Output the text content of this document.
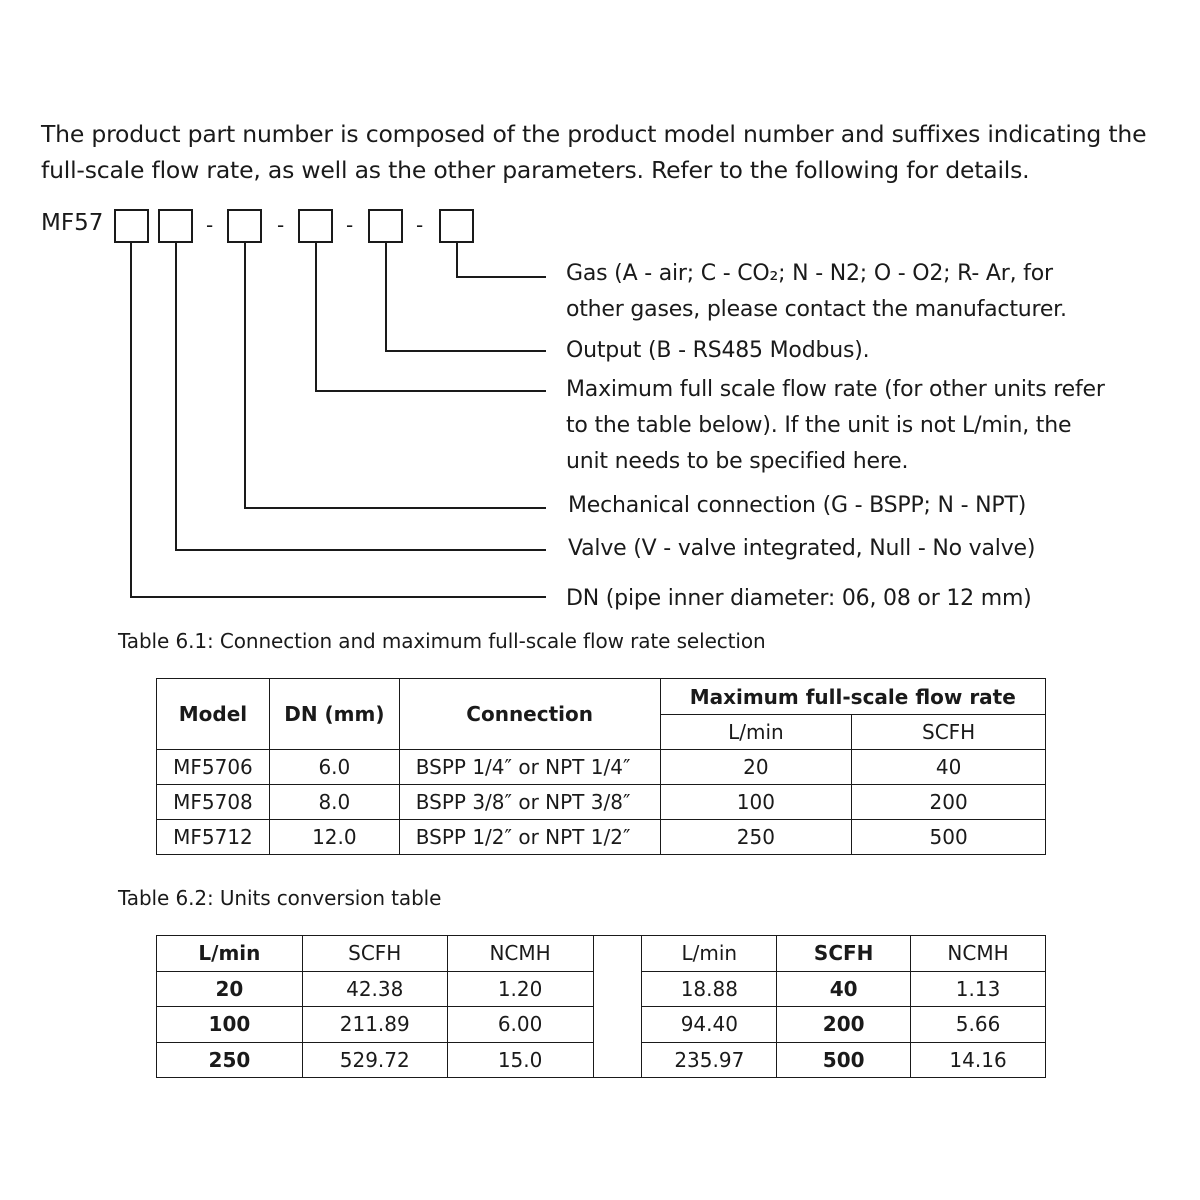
The product part number is composed of the product model number and suffixes indicating the full-scale flow rate, as well as the other parameters. Refer to the following for details.

MF57	-	-	-	-
Gas (A - air; C - CO₂; N - N2; O - O2; R- Ar, for
other gases, please contact the manufacturer.
Output (B - RS485 Modbus).
Maximum full scale flow rate (for other units refer
to the table below). If the unit is not L/min, the
unit needs to be specified here.
Mechanical connection (G - BSPP; N - NPT)
Valve (V - valve integrated, Null - No valve)
DN (pipe inner diameter: 06, 08 or 12 mm)
Table 6.1: Connection and maximum full-scale flow rate selection
Model	DN (mm)	Connection	Maximum full-scale flow rate	
			L/min	SCFH
MF5706	6.0	BSPP 1/4″ or NPT 1/4″	20	40
MF5708	8.0	BSPP 3/8″ or NPT 3/8″	100	200
MF5712	12.0	BSPP 1/2″ or NPT 1/2″	250	500
Table 6.2: Units conversion table
L/min	SCFH	NCMH		L/min	SCFH	NCMH
20	42.38	1.20		18.88	40	1.13
100	211.89	6.00		94.40	200	5.66
250	529.72	15.0		235.97	500	14.16
